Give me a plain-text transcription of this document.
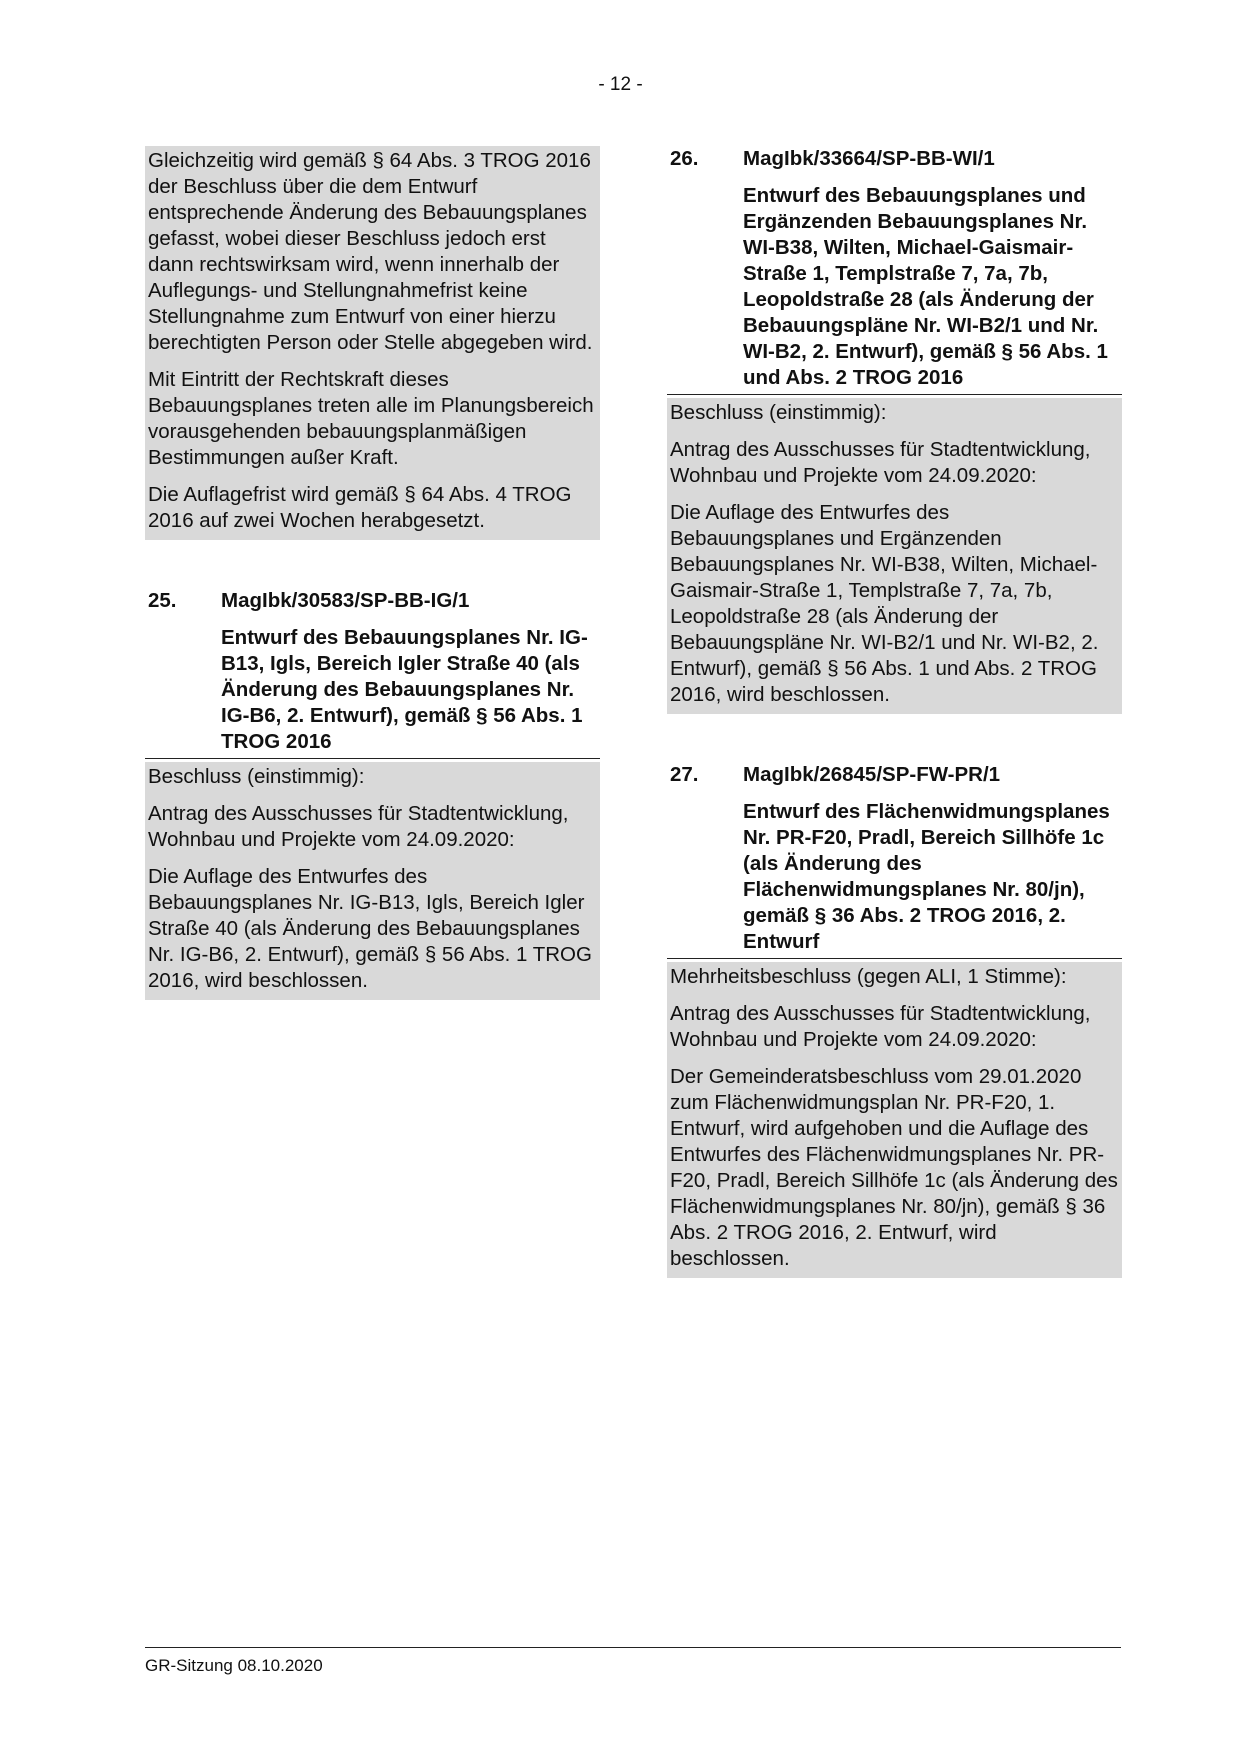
- 12 -

Gleichzeitig wird gemäß § 64 Abs. 3 TROG 2016 der Beschluss über die dem Entwurf entsprechende Änderung des Bebauungsplanes gefasst, wobei dieser Beschluss jedoch erst dann rechtswirksam wird, wenn innerhalb der Auflegungs- und Stellungnahmefrist keine Stellungnahme zum Entwurf von einer hierzu berechtigten Person oder Stelle abgegeben wird.

Mit Eintritt der Rechtskraft dieses Bebauungsplanes treten alle im Planungsbereich vorausgehenden bebauungsplanmäßigen Bestimmungen außer Kraft.

Die Auflagefrist wird gemäß § 64 Abs. 4 TROG 2016 auf zwei Wochen herabgesetzt.

25.	MagIbk/30583/SP-BB-IG/1
Entwurf des Bebauungsplanes Nr. IG-B13, Igls, Bereich Igler Straße 40 (als Änderung des Bebauungsplanes Nr. IG-B6, 2. Entwurf), gemäß § 56 Abs. 1 TROG 2016

Beschluss (einstimmig):

Antrag des Ausschusses für Stadtentwicklung, Wohnbau und Projekte vom 24.09.2020:

Die Auflage des Entwurfes des Bebauungsplanes Nr. IG-B13, Igls, Bereich Igler Straße 40 (als Änderung des Bebauungsplanes Nr. IG-B6, 2. Entwurf), gemäß § 56 Abs. 1 TROG 2016, wird beschlossen.

26.	MagIbk/33664/SP-BB-WI/1
Entwurf des Bebauungsplanes und Ergänzenden Bebauungsplanes Nr. WI-B38, Wilten, Michael-Gaismair-Straße 1, Templstraße 7, 7a, 7b, Leopoldstraße 28 (als Änderung der Bebauungspläne Nr. WI-B2/1 und Nr. WI-B2, 2. Entwurf), gemäß § 56 Abs. 1 und Abs. 2 TROG 2016

Beschluss (einstimmig):

Antrag des Ausschusses für Stadtentwicklung, Wohnbau und Projekte vom 24.09.2020:

Die Auflage des Entwurfes des Bebauungsplanes und Ergänzenden Bebauungsplanes Nr. WI-B38, Wilten, Michael-Gaismair-Straße 1, Templstraße 7, 7a, 7b, Leopoldstraße 28 (als Änderung der Bebauungspläne Nr. WI-B2/1 und Nr. WI-B2, 2. Entwurf), gemäß § 56 Abs. 1 und Abs. 2 TROG 2016, wird beschlossen.

27.	MagIbk/26845/SP-FW-PR/1
Entwurf des Flächenwidmungsplanes Nr. PR-F20, Pradl, Bereich Sillhöfe 1c (als Änderung des Flächenwidmungsplanes Nr. 80/jn), gemäß § 36 Abs. 2 TROG 2016, 2. Entwurf

Mehrheitsbeschluss (gegen ALI, 1 Stimme):

Antrag des Ausschusses für Stadtentwicklung, Wohnbau und Projekte vom 24.09.2020:

Der Gemeinderatsbeschluss vom 29.01.2020 zum Flächenwidmungsplan Nr. PR-F20, 1. Entwurf, wird aufgehoben und die Auflage des Entwurfes des Flächenwidmungsplanes Nr. PR-F20, Pradl, Bereich Sillhöfe 1c (als Änderung des Flächenwidmungsplanes Nr. 80/jn), gemäß § 36 Abs. 2 TROG 2016, 2. Entwurf, wird beschlossen.

GR-Sitzung 08.10.2020
